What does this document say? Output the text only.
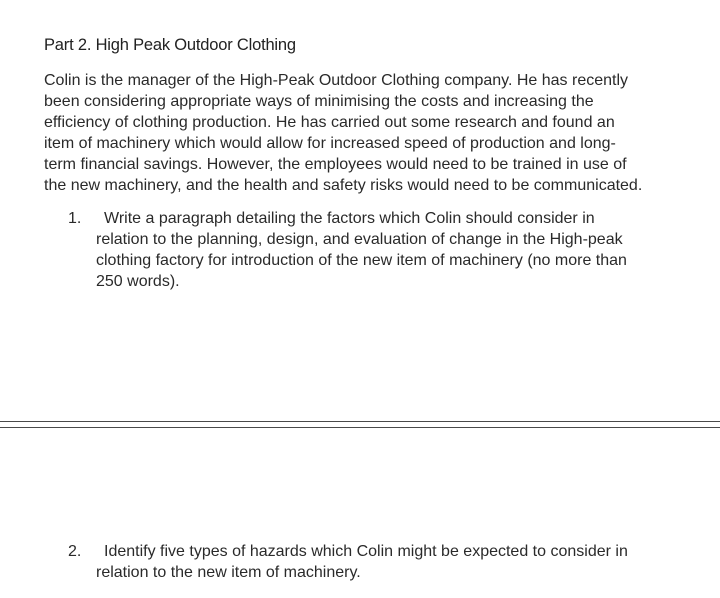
Part 2. High Peak Outdoor Clothing
Colin is the manager of the High-Peak Outdoor Clothing company. He has recently
been considering appropriate ways of minimising the costs and increasing the
efficiency of clothing production. He has carried out some research and found an
item of machinery which would allow for increased speed of production and long-
term financial savings. However, the employees would need to be trained in use of
the new machinery, and the health and safety risks would need to be communicated.
1. Write a paragraph detailing the factors which Colin should consider in
relation to the planning, design, and evaluation of change in the High-peak
clothing factory for introduction of the new item of machinery (no more than
250 words).
2. Identify five types of hazards which Colin might be expected to consider in
relation to the new item of machinery.
